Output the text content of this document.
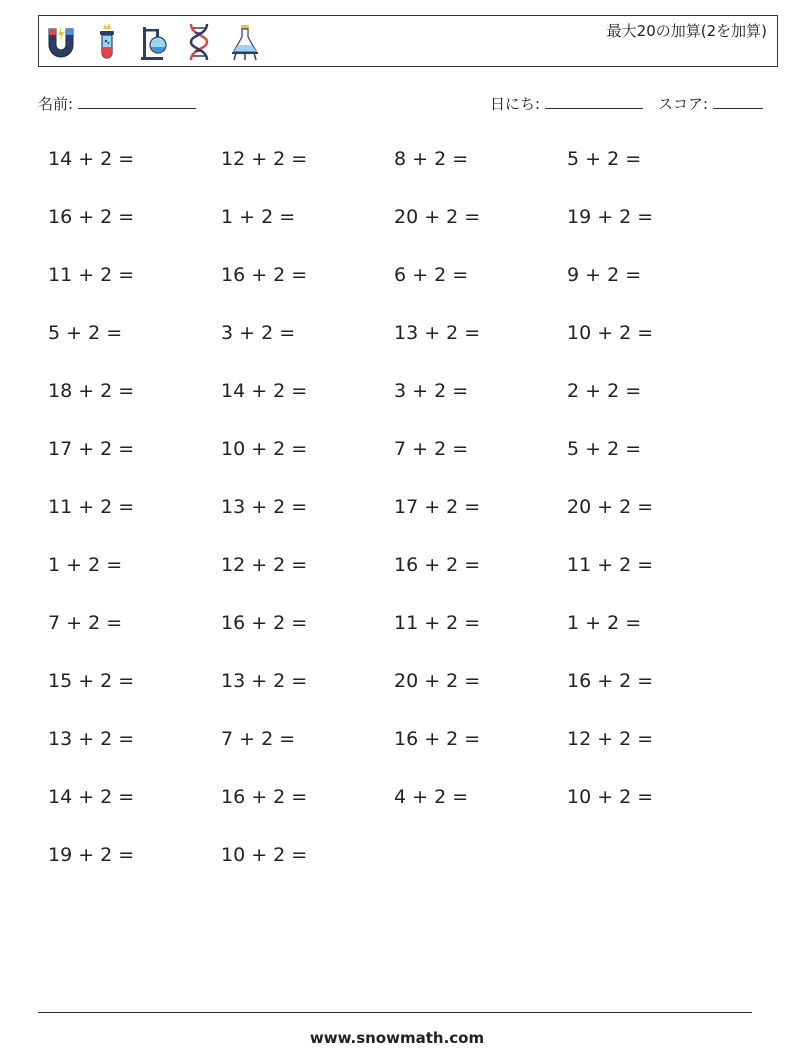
最大20の加算(2を加算)
名前:	日にち:	スコア:
14 + 2 =	12 + 2 =	8 + 2 =	5 + 2 =
16 + 2 =	1 + 2 =	20 + 2 =	19 + 2 =
11 + 2 =	16 + 2 =	6 + 2 =	9 + 2 =
5 + 2 =	3 + 2 =	13 + 2 =	10 + 2 =
18 + 2 =	14 + 2 =	3 + 2 =	2 + 2 =
17 + 2 =	10 + 2 =	7 + 2 =	5 + 2 =
11 + 2 =	13 + 2 =	17 + 2 =	20 + 2 =
1 + 2 =	12 + 2 =	16 + 2 =	11 + 2 =
7 + 2 =	16 + 2 =	11 + 2 =	1 + 2 =
15 + 2 =	13 + 2 =	20 + 2 =	16 + 2 =
13 + 2 =	7 + 2 =	16 + 2 =	12 + 2 =
14 + 2 =	16 + 2 =	4 + 2 =	10 + 2 =
19 + 2 =	10 + 2 =
www.snowmath.com
